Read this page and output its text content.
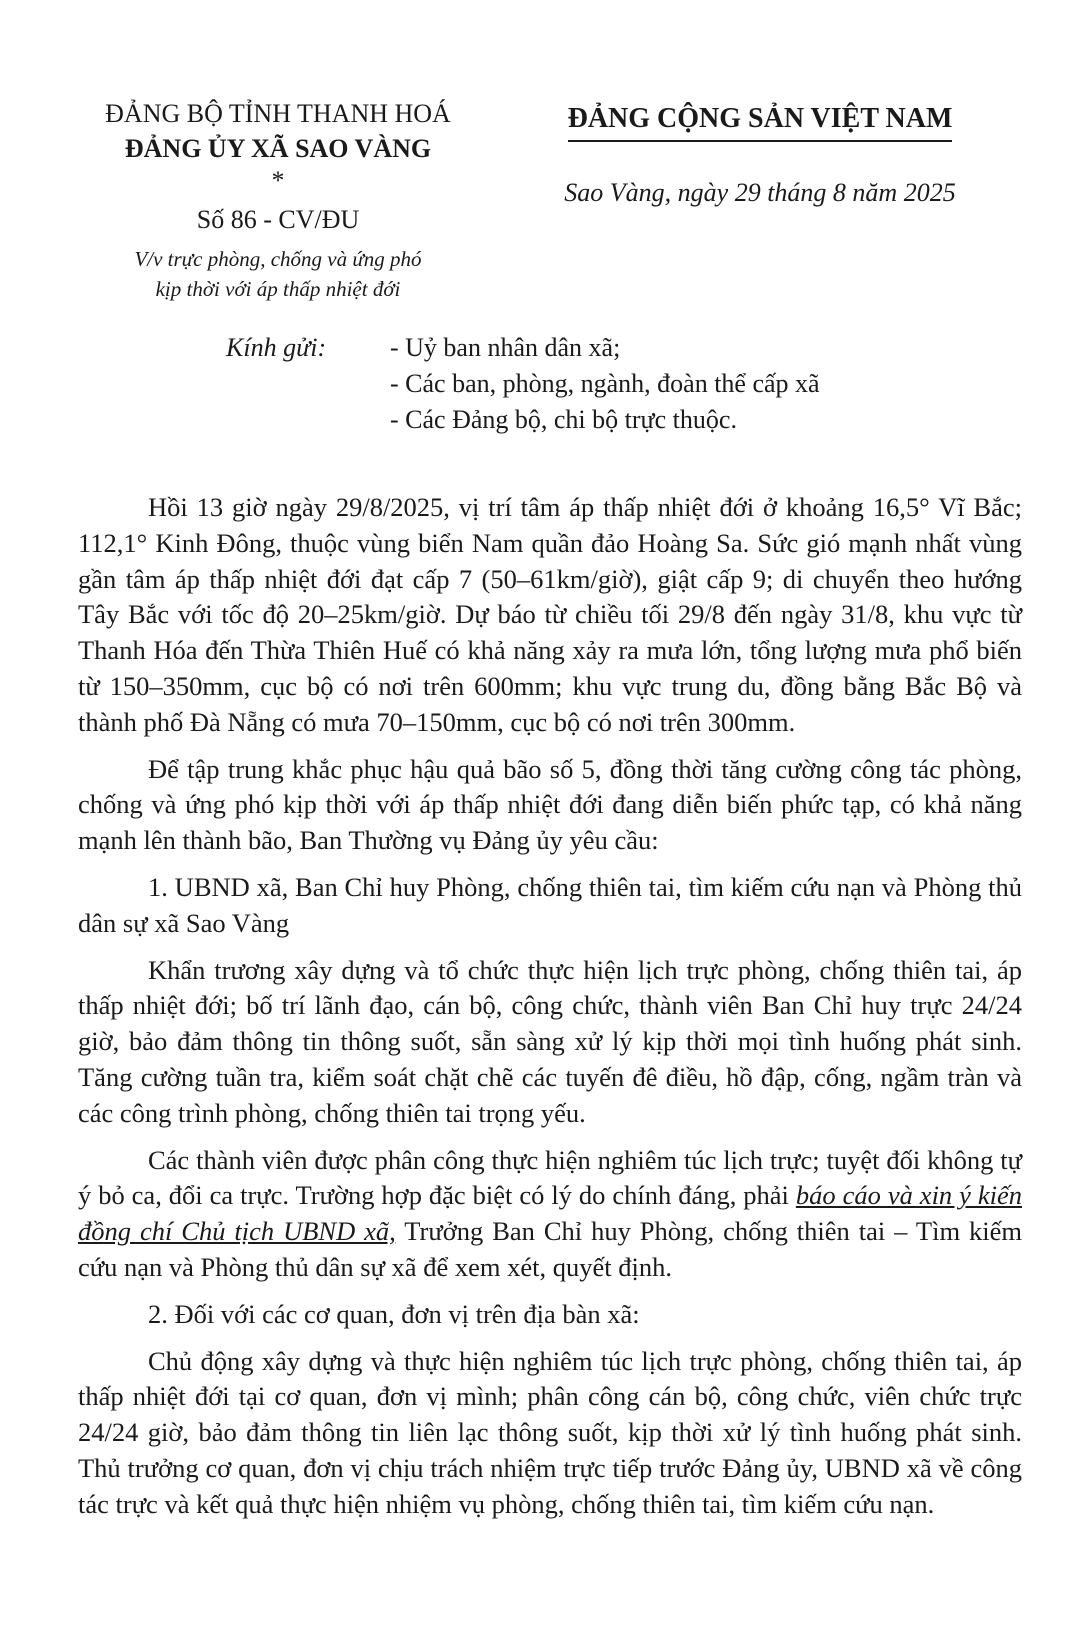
ĐẢNG BỘ TỈNH THANH HOÁ
ĐẢNG ỦY XÃ SAO VÀNG
*
Số 86 - CV/ĐU
V/v trực phòng, chống và ứng phó
kịp thời với áp thấp nhiệt đới
ĐẢNG CỘNG SẢN VIỆT NAM
Sao Vàng, ngày 29 tháng 8 năm 2025
Kính gửi: - Uỷ ban nhân dân xã;
- Các ban, phòng, ngành, đoàn thể cấp xã
- Các Đảng bộ, chi bộ trực thuộc.

Hồi 13 giờ ngày 29/8/2025, vị trí tâm áp thấp nhiệt đới ở khoảng 16,5° Vĩ Bắc; 112,1° Kinh Đông, thuộc vùng biển Nam quần đảo Hoàng Sa. Sức gió mạnh nhất vùng gần tâm áp thấp nhiệt đới đạt cấp 7 (50–61km/giờ), giật cấp 9; di chuyển theo hướng Tây Bắc với tốc độ 20–25km/giờ. Dự báo từ chiều tối 29/8 đến ngày 31/8, khu vực từ Thanh Hóa đến Thừa Thiên Huế có khả năng xảy ra mưa lớn, tổng lượng mưa phổ biến từ 150–350mm, cục bộ có nơi trên 600mm; khu vực trung du, đồng bằng Bắc Bộ và thành phố Đà Nẵng có mưa 70–150mm, cục bộ có nơi trên 300mm.

Để tập trung khắc phục hậu quả bão số 5, đồng thời tăng cường công tác phòng, chống và ứng phó kịp thời với áp thấp nhiệt đới đang diễn biến phức tạp, có khả năng mạnh lên thành bão, Ban Thường vụ Đảng ủy yêu cầu:

1. UBND xã, Ban Chỉ huy Phòng, chống thiên tai, tìm kiếm cứu nạn và Phòng thủ dân sự xã Sao Vàng

Khẩn trương xây dựng và tổ chức thực hiện lịch trực phòng, chống thiên tai, áp thấp nhiệt đới; bố trí lãnh đạo, cán bộ, công chức, thành viên Ban Chỉ huy trực 24/24 giờ, bảo đảm thông tin thông suốt, sẵn sàng xử lý kịp thời mọi tình huống phát sinh. Tăng cường tuần tra, kiểm soát chặt chẽ các tuyến đê điều, hồ đập, cống, ngầm tràn và các công trình phòng, chống thiên tai trọng yếu.

Các thành viên được phân công thực hiện nghiêm túc lịch trực; tuyệt đối không tự ý bỏ ca, đổi ca trực. Trường hợp đặc biệt có lý do chính đáng, phải báo cáo và xin ý kiến đồng chí Chủ tịch UBND xã, Trưởng Ban Chỉ huy Phòng, chống thiên tai – Tìm kiếm cứu nạn và Phòng thủ dân sự xã để xem xét, quyết định.

2. Đối với các cơ quan, đơn vị trên địa bàn xã:

Chủ động xây dựng và thực hiện nghiêm túc lịch trực phòng, chống thiên tai, áp thấp nhiệt đới tại cơ quan, đơn vị mình; phân công cán bộ, công chức, viên chức trực 24/24 giờ, bảo đảm thông tin liên lạc thông suốt, kịp thời xử lý tình huống phát sinh. Thủ trưởng cơ quan, đơn vị chịu trách nhiệm trực tiếp trước Đảng ủy, UBND xã về công tác trực và kết quả thực hiện nhiệm vụ phòng, chống thiên tai, tìm kiếm cứu nạn.
